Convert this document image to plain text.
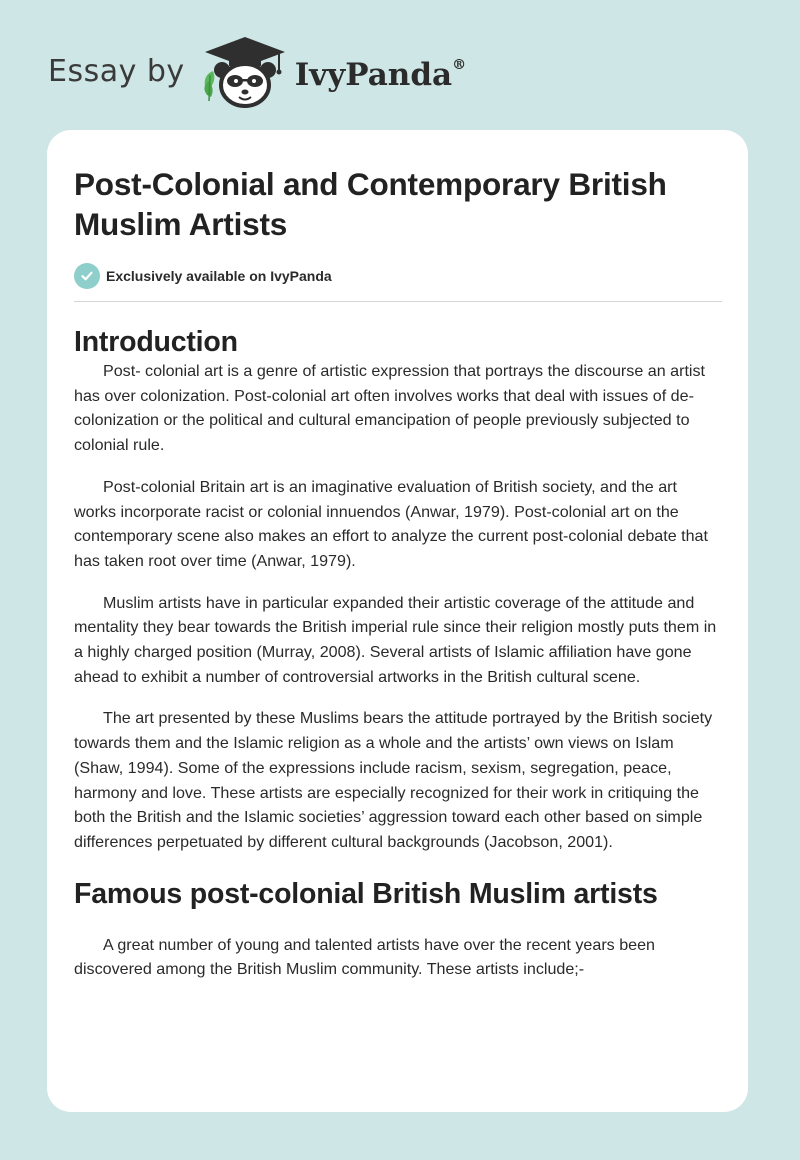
Essay by	IvyPanda®
Post-Colonial and Contemporary British
Muslim Artists
Exclusively available on IvyPanda
Introduction

Post- colonial art is a genre of artistic expression that portrays the discourse an artist has over colonization. Post-colonial art often involves works that deal with issues of de-colonization or the political and cultural emancipation of people previously subjected to colonial rule.

Post-colonial Britain art is an imaginative evaluation of British society, and the art works incorporate racist or colonial innuendos (Anwar, 1979). Post-colonial art on the contemporary scene also makes an effort to analyze the current post-colonial debate that has taken root over time (Anwar, 1979).

Muslim artists have in particular expanded their artistic coverage of the attitude and mentality they bear towards the British imperial rule since their religion mostly puts them in a highly charged position (Murray, 2008). Several artists of Islamic affiliation have gone ahead to exhibit a number of controversial artworks in the British cultural scene.

The art presented by these Muslims bears the attitude portrayed by the British society towards them and the Islamic religion as a whole and the artists’ own views on Islam (Shaw, 1994). Some of the expressions include racism, sexism, segregation, peace, harmony and love. These artists are especially recognized for their work in critiquing the both the British and the Islamic societies’ aggression toward each other based on simple differences perpetuated by different cultural backgrounds (Jacobson, 2001).

Famous post-colonial British Muslim artists

A great number of young and talented artists have over the recent years been discovered among the British Muslim community. These artists include;-
